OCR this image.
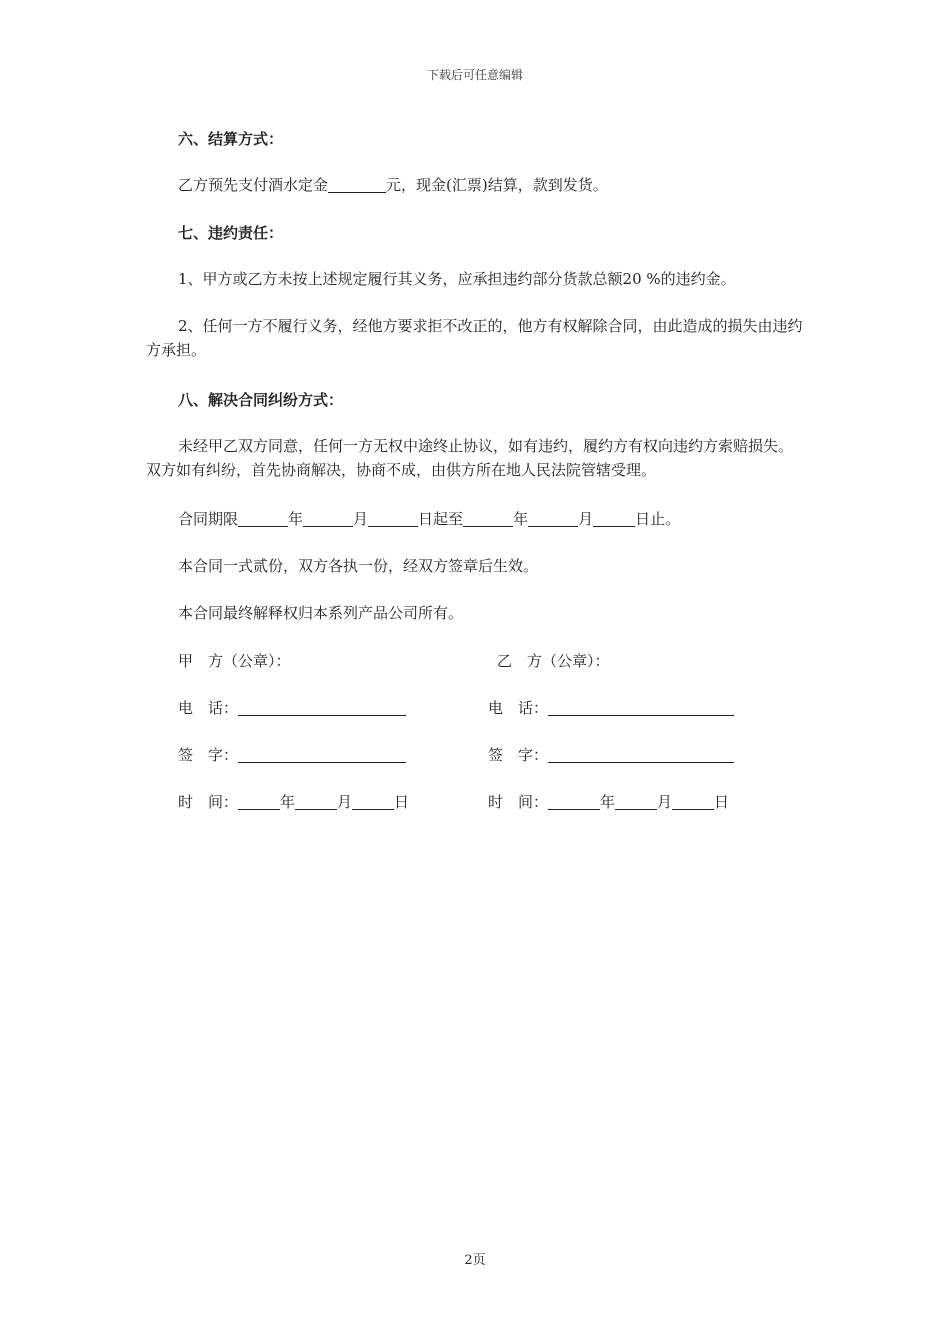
下载后可任意编辑
六、结算方式：
乙方预先支付酒水定金	元，现金(汇票)结算，款到发货。
七、违约责任：
1、甲方或乙方未按上述规定履行其义务，应承担违约部分货款总额20 %的违约金。
2、任何一方不履行义务，经他方要求拒不改正的，他方有权解除合同，由此造成的损失由违约方承担。
八、解决合同纠纷方式：
未经甲乙双方同意，任何一方无权中途终止协议，如有违约，履约方有权向违约方索赔损失。双方如有纠纷，首先协商解决，协商不成，由供方所在地人民法院管辖受理。
合同期限	年	月	日起至	年	月	日止。
本合同一式贰份，双方各执一份，经双方签章后生效。
本合同最终解释权归本系列产品公司所有。
甲　方（公章）：
电　话：
签　字：
时　间：	年	月	日
乙　方（公章）：
电　话：
签　字：
时　间：	年	月	日
2页
